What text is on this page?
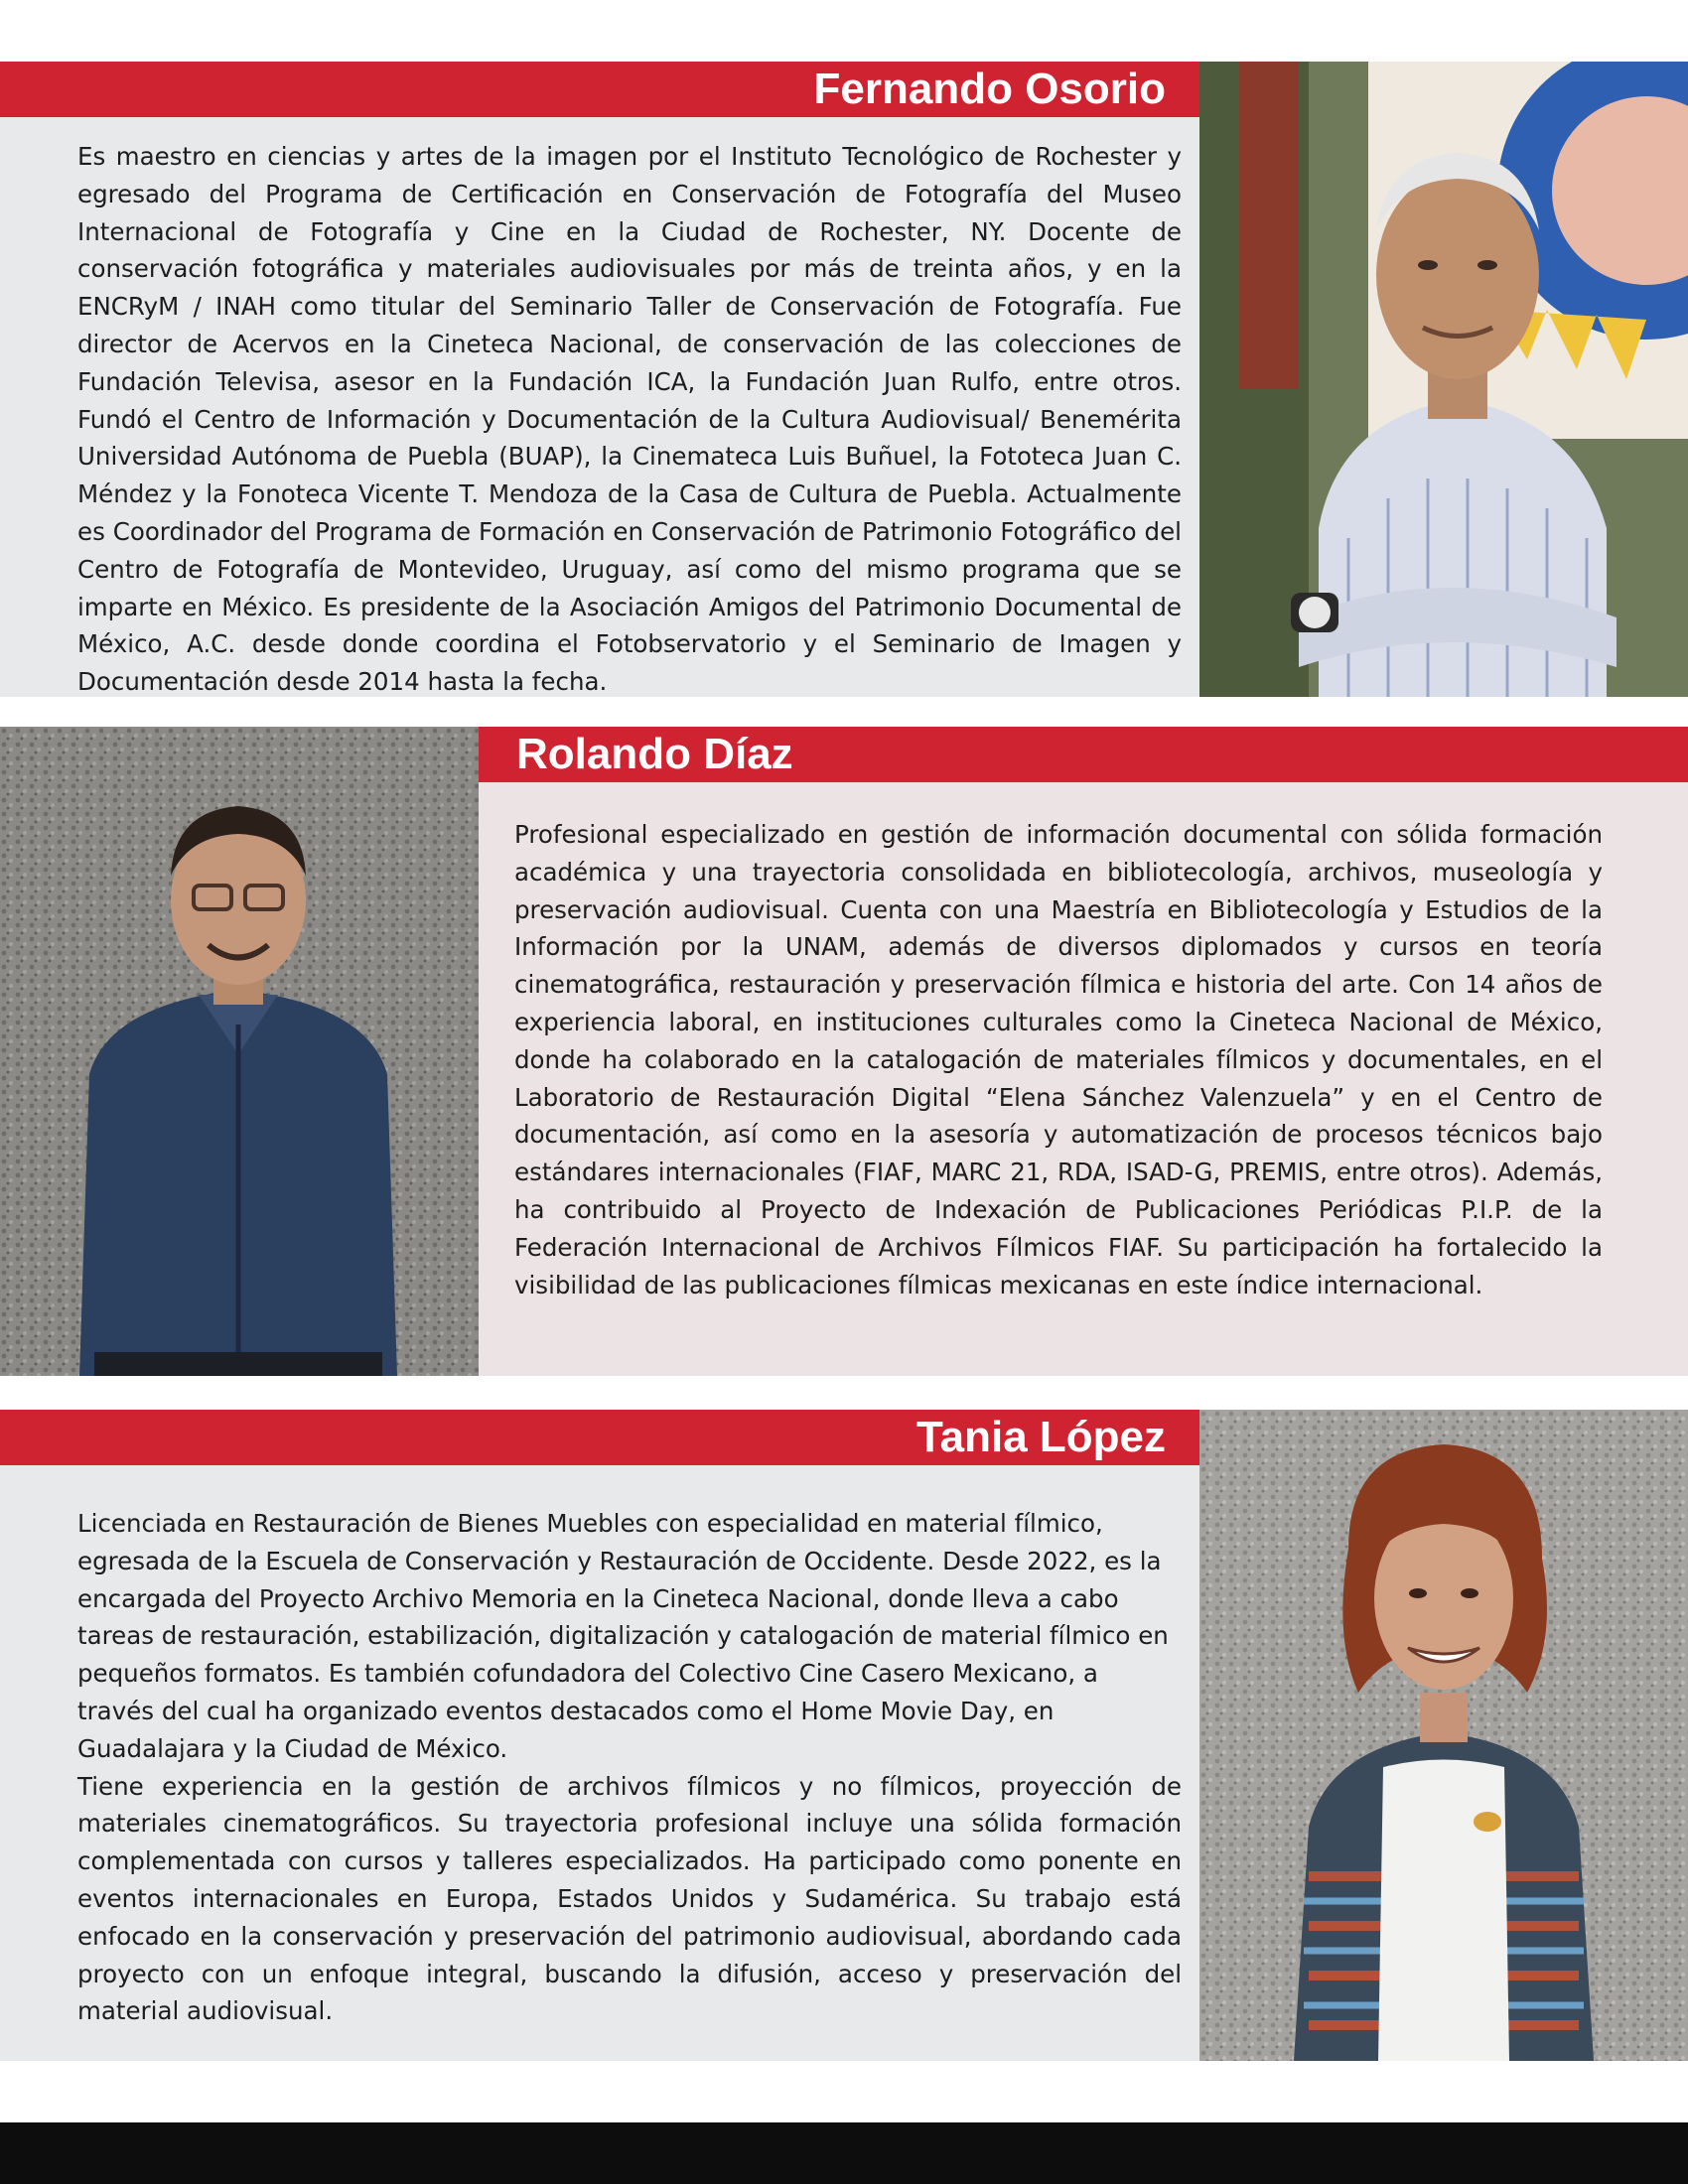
Fernando Osorio
Es maestro en ciencias y artes de la imagen por el Instituto Tecnológico de Rochester y egresado del Programa de Certificación en Conservación de Fotografía del Museo Internacional de Fotografía y Cine en la Ciudad de Rochester, NY. Docente de conservación fotográfica y materiales audiovisuales por más de treinta años, y en la ENCRyM / INAH como titular del Seminario Taller de Conservación de Fotografía. Fue director de Acervos en la Cineteca Nacional, de conservación de las colecciones de Fundación Televisa, asesor en la Fundación ICA, la Fundación Juan Rulfo, entre otros. Fundó el Centro de Información y Documentación de la Cultura Audiovisual/ Benemérita Universidad Autónoma de Puebla (BUAP), la Cinemateca Luis Buñuel, la Fototeca Juan C. Méndez y la Fonoteca Vicente T. Mendoza de la Casa de Cultura de Puebla. Actualmente es Coordinador del Programa de Formación en Conservación de Patrimonio Fotográfico del Centro de Fotografía de Montevideo, Uruguay, así como del mismo programa que se imparte en México. Es presidente de la Asociación Amigos del Patrimonio Documental de México, A.C. desde donde coordina el Fotobservatorio y el Seminario de Imagen y Documentación desde 2014 hasta la fecha.
Rolando Díaz
Profesional especializado en gestión de información documental con sólida formación académica y una trayectoria consolidada en bibliotecología, archivos, museología y preservación audiovisual. Cuenta con una Maestría en Bibliotecología y Estudios de la Información por la UNAM, además de diversos diplomados y cursos en teoría cinematográfica, restauración y preservación fílmica e historia del arte. Con 14 años de experiencia laboral, en instituciones culturales como la Cineteca Nacional de México, donde ha colaborado en la catalogación de materiales fílmicos y documentales, en el Laboratorio de Restauración Digital “Elena Sánchez Valenzuela” y en el Centro de documentación, así como en la asesoría y automatización de procesos técnicos bajo estándares internacionales (FIAF, MARC 21, RDA, ISAD-G, PREMIS, entre otros). Además, ha contribuido al Proyecto de Indexación de Publicaciones Periódicas P.I.P. de la Federación Internacional de Archivos Fílmicos FIAF. Su participación ha fortalecido la visibilidad de las publicaciones fílmicas mexicanas en este índice internacional.
Tania López

Licenciada en Restauración de Bienes Muebles con especialidad en material fílmico, egresada de la Escuela de Conservación y Restauración de Occidente. Desde 2022, es la encargada del Proyecto Archivo Memoria en la Cineteca Nacional, donde lleva a cabo tareas de restauración, estabilización, digitalización y catalogación de material fílmico en pequeños formatos. Es también cofundadora del Colectivo Cine Casero Mexicano, a través del cual ha organizado eventos destacados como el Home Movie Day, en Guadalajara y la Ciudad de México.

Tiene experiencia en la gestión de archivos fílmicos y no fílmicos, proyección de materiales cinematográficos. Su trayectoria profesional incluye una sólida formación complementada con cursos y talleres especializados. Ha participado como ponente en eventos internacionales en Europa, Estados Unidos y Sudamérica. Su trabajo está enfocado en la conservación y preservación del patrimonio audiovisual, abordando cada proyecto con un enfoque integral, buscando la difusión, acceso y preservación del material audiovisual.
